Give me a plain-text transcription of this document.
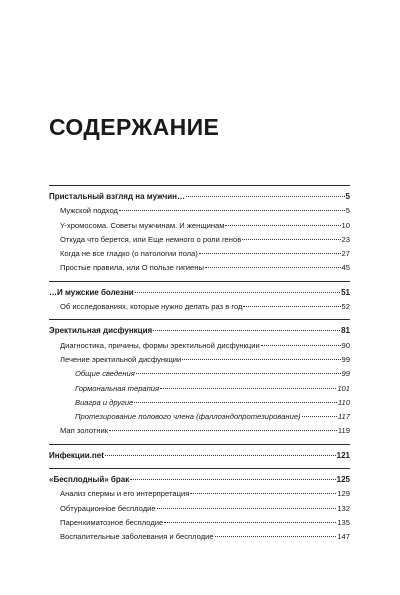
СОДЕРЖАНИЕ
Пристальный взгляд на мужчин…	5
Мужской подход	5
Y-хромосома. Советы мужчинам. И женщинам	10
Откуда что берется, или Еще немного о роли генов	23
Когда не все гладко (о патологии пола)	27
Простые правила, или О пользе гигиены	45
…И мужские болезни	51
Об исследованиях, которые нужно делать раз в год	52
Эректильная дисфункция	81
Диагностика, причины, формы эректильной дисфункции	90
Лечение эректильной дисфункции	99
Общие сведения	99
Гормональная терапия	101
Виагра и другие	110
Протезирование полового члена (фаллоэндопротезирование)	117
Мап золотник	119
Инфекции.net	121
«Бесплодный» брак	125
Анализ спермы и его интерпретация	129
Обтурационное бесплодие	132
Паренхиматозное бесплодие	135
Воспалительные заболевания и бесплодие	147
